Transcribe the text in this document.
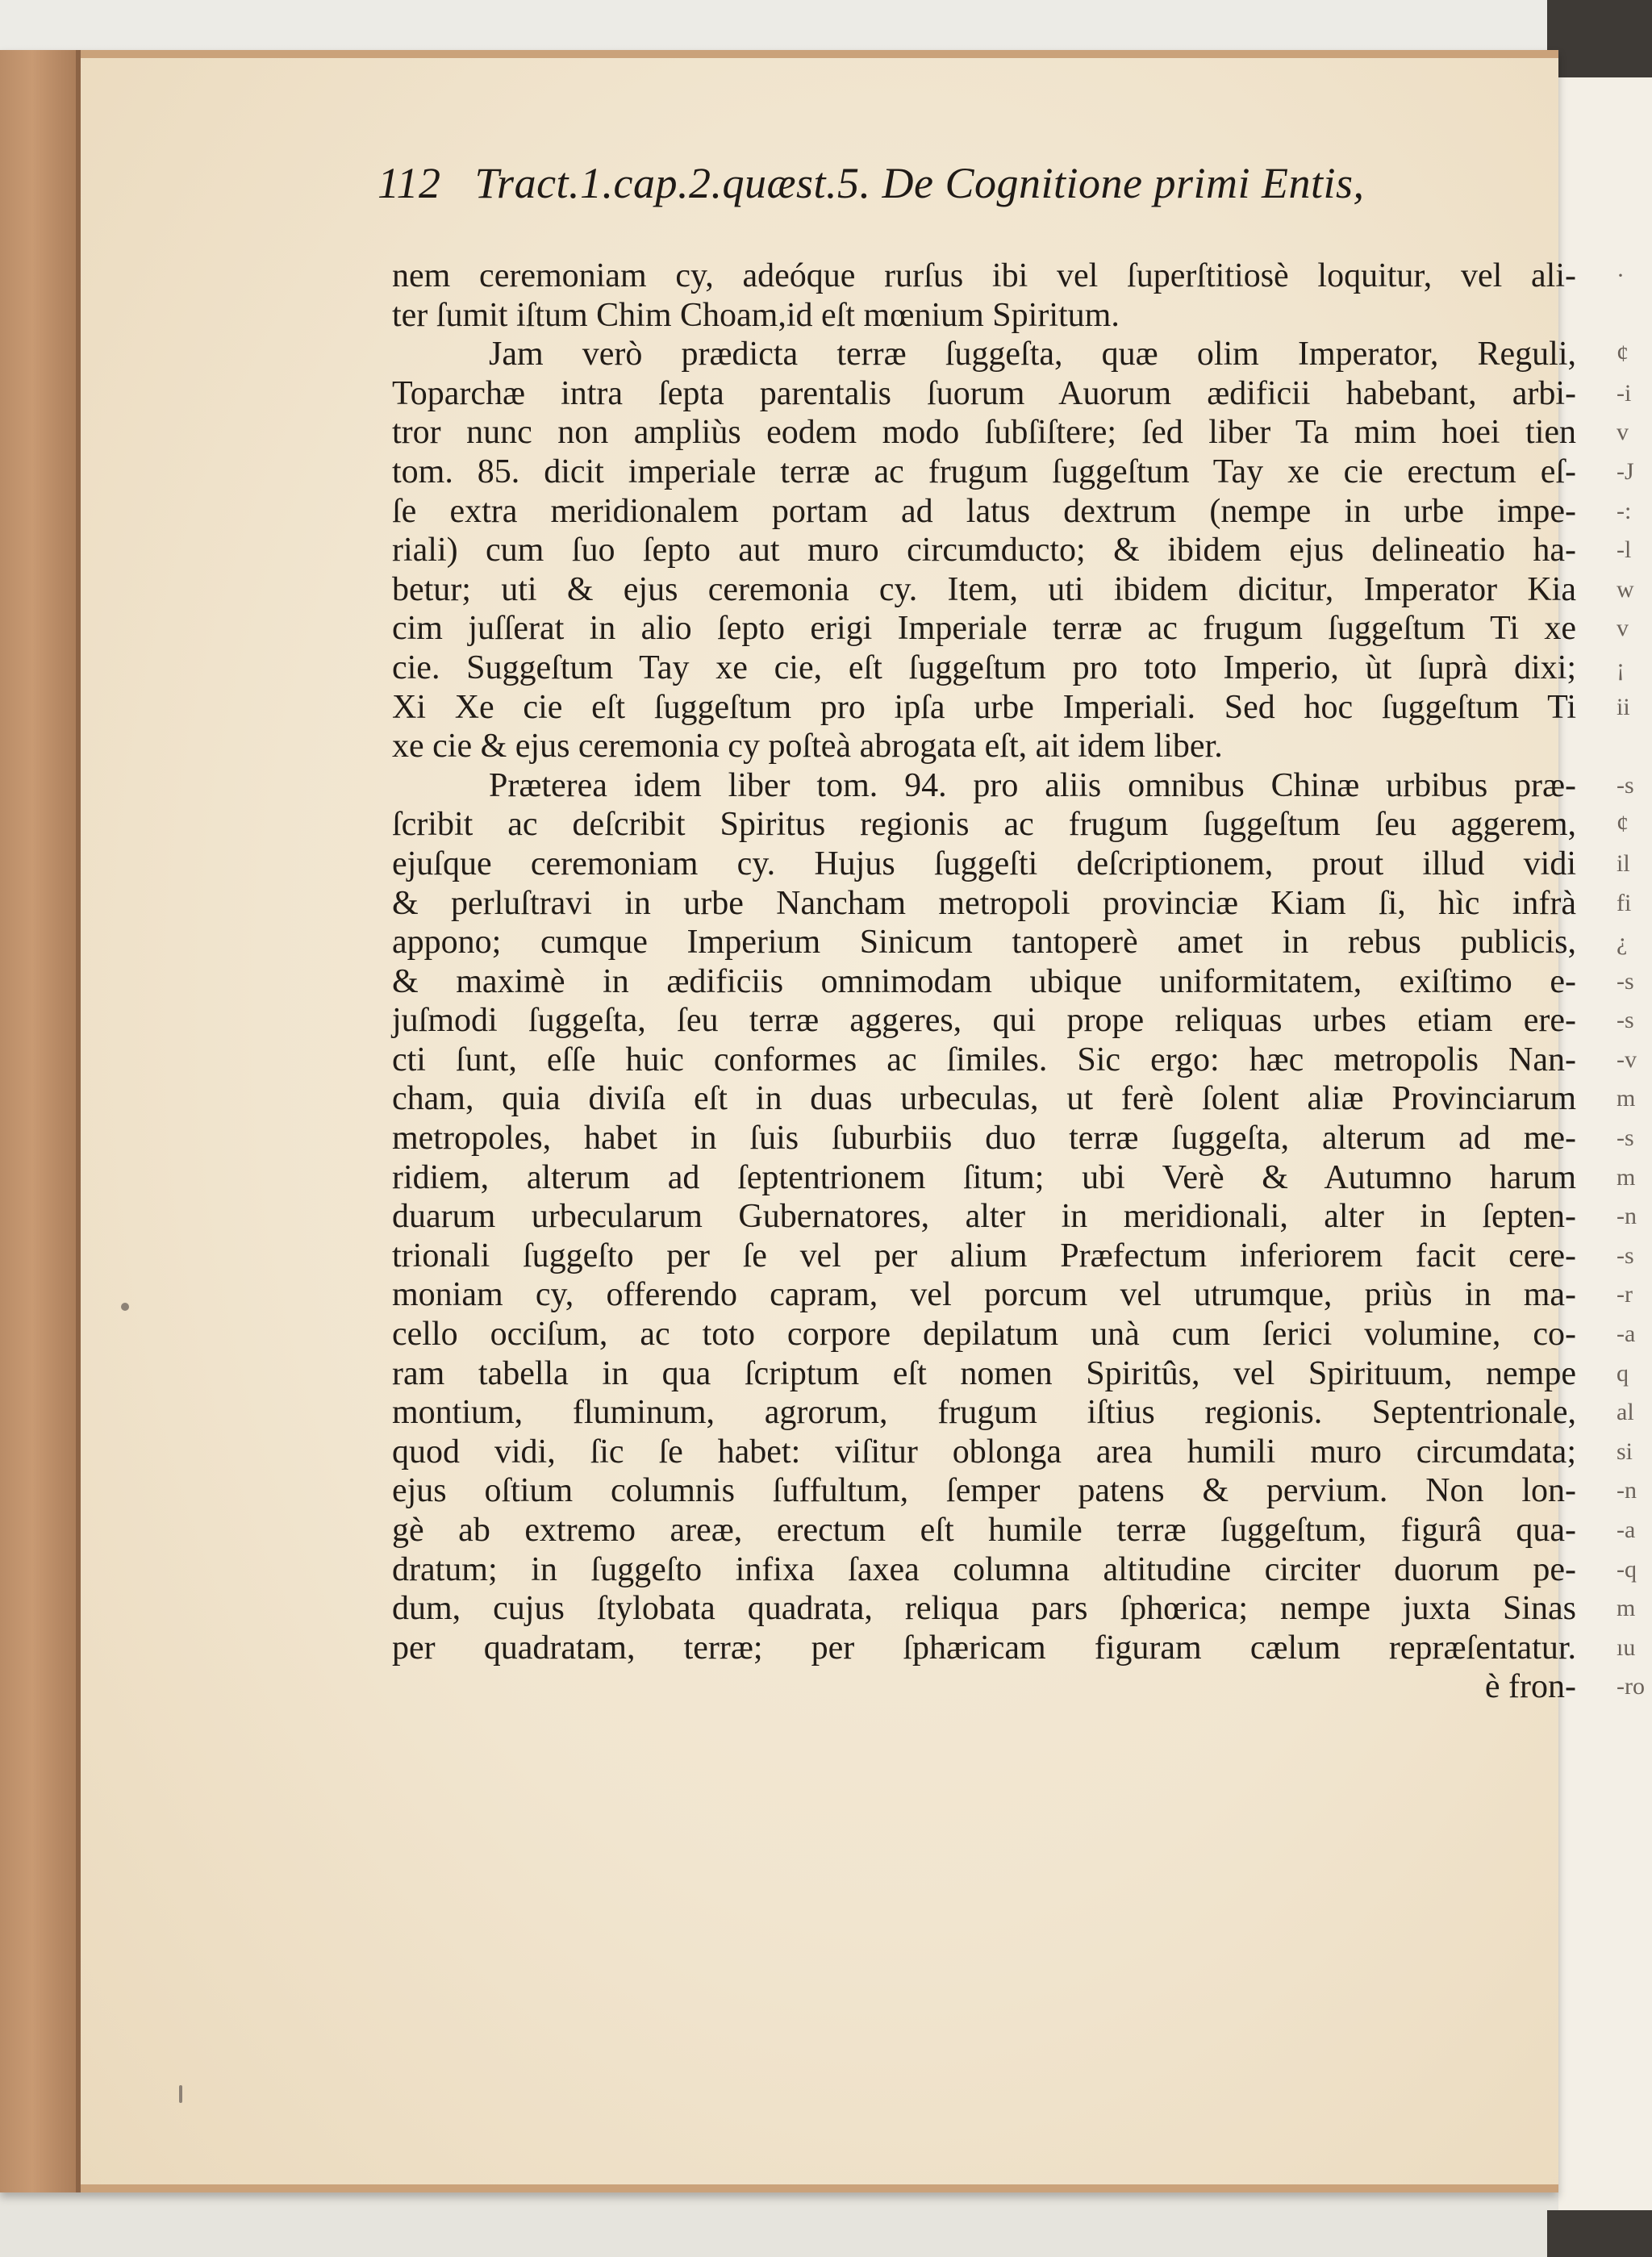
112 Tract.1.cap.2.quæst.5. De Cognitione primi Entis,
nem ceremoniam cy, adeóque rurſus ibi vel ſuperſtitiosè loquitur, vel ali-
ter ſumit iſtum Chim Choam,id eſt mœnium Spiritum.
Jam verò prædicta terræ ſuggeſta, quæ olim Imperator, Reguli,
Toparchæ intra ſepta parentalis ſuorum Auorum ædificii habebant, arbi-
tror nunc non ampliùs eodem modo ſubſiſtere; ſed liber Ta mim hoei tien
tom. 85. dicit imperiale terræ ac frugum ſuggeſtum Tay xe cie erectum eſ-
ſe extra meridionalem portam ad latus dextrum (nempe in urbe impe-
riali) cum ſuo ſepto aut muro circumducto; & ibidem ejus delineatio ha-
betur; uti & ejus ceremonia cy. Item, uti ibidem dicitur, Imperator Kia
cim juſſerat in alio ſepto erigi Imperiale terræ ac frugum ſuggeſtum Ti xe
cie. Suggeſtum Tay xe cie, eſt ſuggeſtum pro toto Imperio, ùt ſuprà dixi;
Xi Xe cie eſt ſuggeſtum pro ipſa urbe Imperiali. Sed hoc ſuggeſtum Ti
xe cie & ejus ceremonia cy poſteà abrogata eſt, ait idem liber.
Præterea idem liber tom. 94. pro aliis omnibus Chinæ urbibus præ-
ſcribit ac deſcribit Spiritus regionis ac frugum ſuggeſtum ſeu aggerem,
ejuſque ceremoniam cy. Hujus ſuggeſti deſcriptionem, prout illud vidi
& perluſtravi in urbe Nancham metropoli provinciæ Kiam ſi, hìc infrà
appono; cumque Imperium Sinicum tantoperè amet in rebus publicis,
& maximè in ædificiis omnimodam ubique uniformitatem, exiſtimo e-
juſmodi ſuggeſta, ſeu terræ aggeres, qui prope reliquas urbes etiam ere-
cti ſunt, eſſe huic conformes ac ſimiles. Sic ergo: hæc metropolis Nan-
cham, quia diviſa eſt in duas urbeculas, ut ferè ſolent aliæ Provinciarum
metropoles, habet in ſuis ſuburbiis duo terræ ſuggeſta, alterum ad me-
ridiem, alterum ad ſeptentrionem ſitum; ubi Verè & Autumno harum
duarum urbecularum Gubernatores, alter in meridionali, alter in ſepten-
trionali ſuggeſto per ſe vel per alium Præfectum inferiorem facit cere-
moniam cy, offerendo capram, vel porcum vel utrumque, priùs in ma-
cello occiſum, ac toto corpore depilatum unà cum ſerici volumine, co-
ram tabella in qua ſcriptum eſt nomen Spiritûs, vel Spirituum, nempe
montium, fluminum, agrorum, frugum iſtius regionis. Septentrionale,
quod vidi, ſic ſe habet: viſitur oblonga area humili muro circumdata;
ejus oſtium columnis ſuffultum, ſemper patens & pervium. Non lon-
gè ab extremo areæ, erectum eſt humile terræ ſuggeſtum, figurâ qua-
dratum; in ſuggeſto infixa ſaxea columna altitudine circiter duorum pe-
dum, cujus ſtylobata quadrata, reliqua pars ſphœrica; nempe juxta Sinas
per quadratam, terræ; per ſphæricam figuram cælum repræſentatur.
è fron-
·
¢
-i
v
-J
-:
-l
w
v
¡
ii
-s
¢
il
fi
¿
-s
-s
-v
m
-s
m
-n
-s
-r
-a
q
al
si
-n
-a
-q
m
ıu
-ro
